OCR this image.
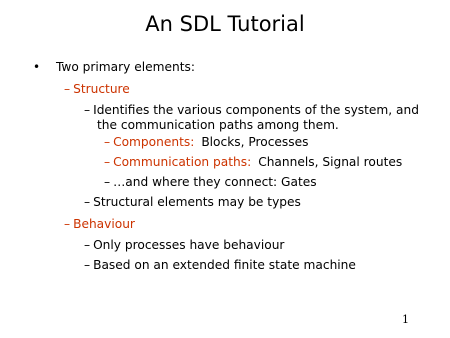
An SDL Tutorial
• Two primary elements:
– Structure
– Identifies the various components of the system, and
the communication paths among them.
– Components: Blocks, Processes
– Communication paths: Channels, Signal routes
– …and where they connect: Gates
– Structural elements may be types
– Behaviour
– Only processes have behaviour
– Based on an extended finite state machine
1
